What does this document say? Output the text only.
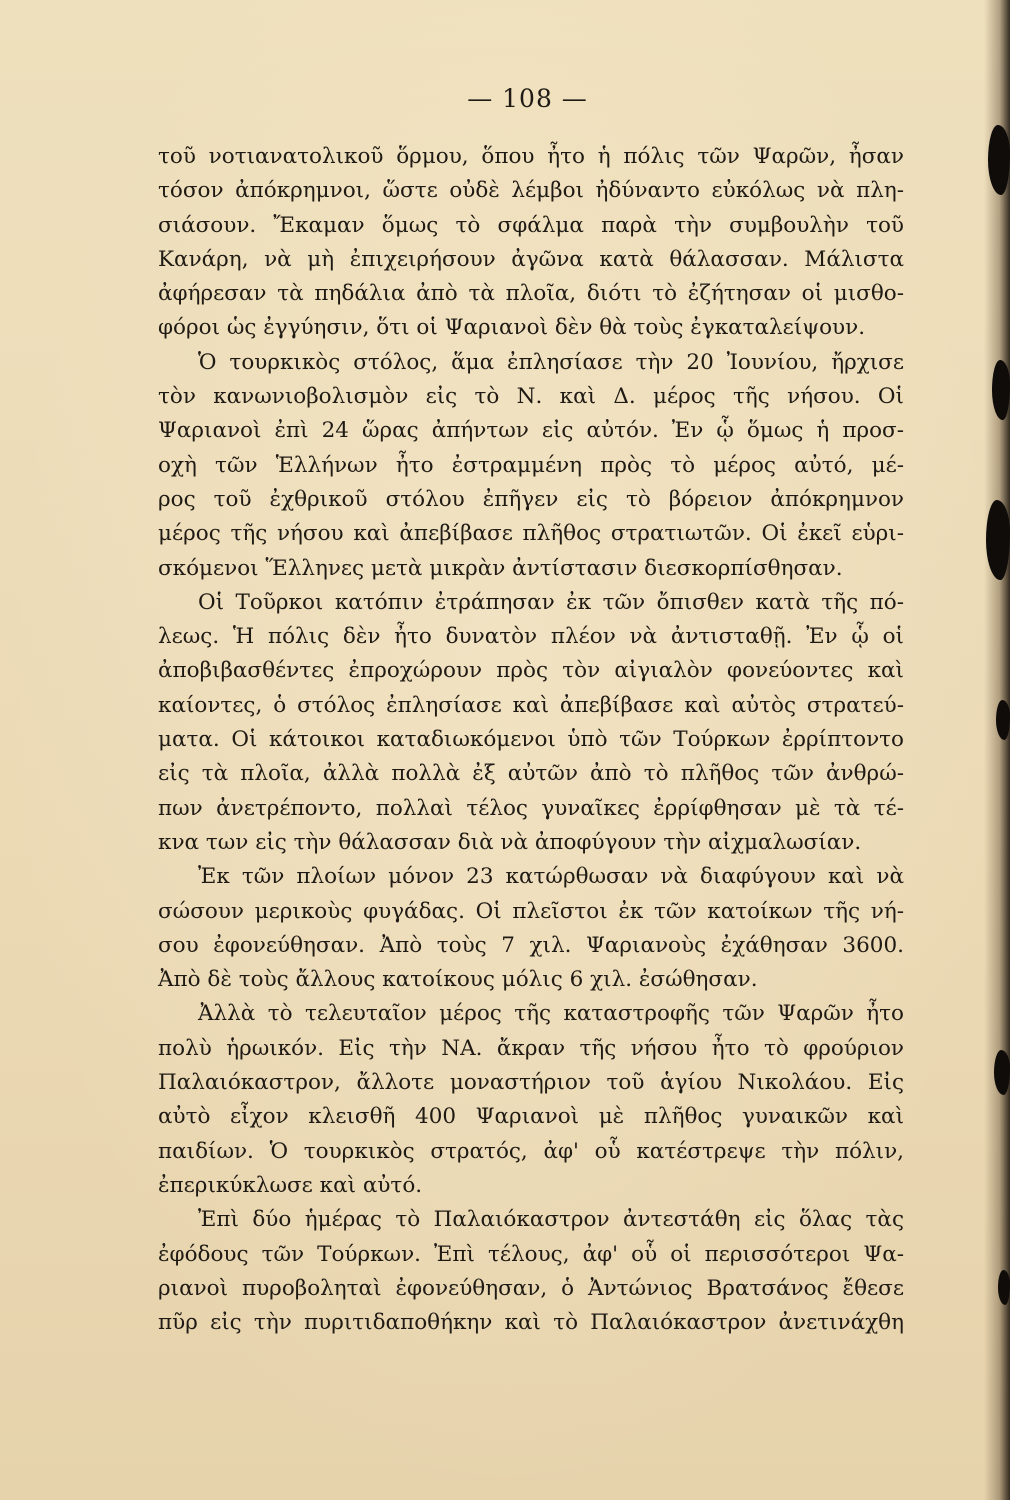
— 108 —
τοῦ νοτιανατολικοῦ ὅρμου, ὅπου ἦτο ἡ πόλις τῶν Ψαρῶν, ἦσαν
τόσον ἀπόκρημνοι, ὥστε οὐδὲ λέμβοι ἠδύναντο εὐκόλως νὰ πλη-
σιάσουν. Ἔκαμαν ὅμως τὸ σφάλμα παρὰ τὴν συμβουλὴν τοῦ
Κανάρη, νὰ μὴ ἐπιχειρήσουν ἀγῶνα κατὰ θάλασσαν. Μάλιστα
ἀφήρεσαν τὰ πηδάλια ἀπὸ τὰ πλοῖα, διότι τὸ ἐζήτησαν οἱ μισθο-
φόροι ὡς ἐγγύησιν, ὅτι οἱ Ψαριανοὶ δὲν θὰ τοὺς ἐγκαταλείψουν.
Ὁ τουρκικὸς στόλος, ἅμα ἐπλησίασε τὴν 20 Ἰουνίου, ἤρχισε
τὸν κανωνιοβολισμὸν εἰς τὸ Ν. καὶ Δ. μέρος τῆς νήσου. Οἱ
Ψαριανοὶ ἐπὶ 24 ὥρας ἀπήντων εἰς αὐτόν. Ἐν ᾧ ὅμως ἡ προσ-
οχὴ τῶν Ἑλλήνων ἦτο ἐστραμμένη πρὸς τὸ μέρος αὐτό, μέ-
ρος τοῦ ἐχθρικοῦ στόλου ἐπῆγεν εἰς τὸ βόρειον ἀπόκρημνον
μέρος τῆς νήσου καὶ ἀπεβίβασε πλῆθος στρατιωτῶν. Οἱ ἐκεῖ εὑρι-
σκόμενοι Ἕλληνες μετὰ μικρὰν ἀντίστασιν διεσκορπίσθησαν.
Οἱ Τοῦρκοι κατόπιν ἐτράπησαν ἐκ τῶν ὄπισθεν κατὰ τῆς πό-
λεως. Ἡ πόλις δὲν ἦτο δυνατὸν πλέον νὰ ἀντισταθῇ. Ἐν ᾧ οἱ
ἀποβιβασθέντες ἐπροχώρουν πρὸς τὸν αἰγιαλὸν φονεύοντες καὶ
καίοντες, ὁ στόλος ἐπλησίασε καὶ ἀπεβίβασε καὶ αὐτὸς στρατεύ-
ματα. Οἱ κάτοικοι καταδιωκόμενοι ὑπὸ τῶν Τούρκων ἐρρίπτοντο
εἰς τὰ πλοῖα, ἀλλὰ πολλὰ ἐξ αὐτῶν ἀπὸ τὸ πλῆθος τῶν ἀνθρώ-
πων ἀνετρέποντο, πολλαὶ τέλος γυναῖκες ἐρρίφθησαν μὲ τὰ τέ-
κνα των εἰς τὴν θάλασσαν διὰ νὰ ἀποφύγουν τὴν αἰχμαλωσίαν.
Ἐκ τῶν πλοίων μόνον 23 κατώρθωσαν νὰ διαφύγουν καὶ νὰ
σώσουν μερικοὺς φυγάδας. Οἱ πλεῖστοι ἐκ τῶν κατοίκων τῆς νή-
σου ἐφονεύθησαν. Ἀπὸ τοὺς 7 χιλ. Ψαριανοὺς ἐχάθησαν 3600.
Ἀπὸ δὲ τοὺς ἄλλους κατοίκους μόλις 6 χιλ. ἐσώθησαν.
Ἀλλὰ τὸ τελευταῖον μέρος τῆς καταστροφῆς τῶν Ψαρῶν ἦτο
πολὺ ἡρωικόν. Εἰς τὴν ΝΑ. ἄκραν τῆς νήσου ἦτο τὸ φρούριον
Παλαιόκαστρον, ἄλλοτε μοναστήριον τοῦ ἁγίου Νικολάου. Εἰς
αὐτὸ εἶχον κλεισθῆ 400 Ψαριανοὶ μὲ πλῆθος γυναικῶν καὶ
παιδίων. Ὁ τουρκικὸς στρατός, ἀφ' οὗ κατέστρεψε τὴν πόλιν,
ἐπερικύκλωσε καὶ αὐτό.
Ἐπὶ δύο ἡμέρας τὸ Παλαιόκαστρον ἀντεστάθη εἰς ὅλας τὰς
ἐφόδους τῶν Τούρκων. Ἐπὶ τέλους, ἀφ' οὗ οἱ περισσότεροι Ψα-
ριανοὶ πυροβοληταὶ ἐφονεύθησαν, ὁ Ἀντώνιος Βρατσάνος ἔθεσε
πῦρ εἰς τὴν πυριτιδαποθήκην καὶ τὸ Παλαιόκαστρον ἀνετινάχθη
